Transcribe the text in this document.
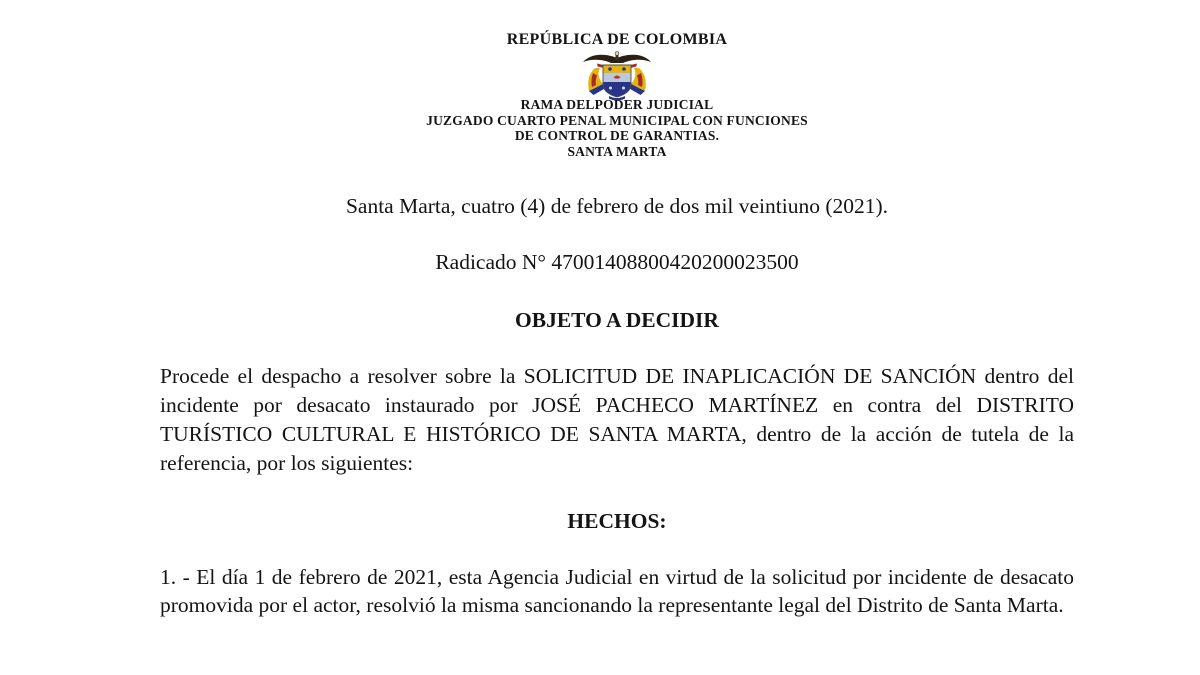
REPÚBLICA DE COLOMBIA
RAMA DELPODER JUDICIAL
JUZGADO CUARTO PENAL MUNICIPAL CON FUNCIONES
DE CONTROL DE GARANTIAS.
SANTA MARTA
Santa Marta, cuatro (4) de febrero de dos mil veintiuno (2021).
Radicado N° 47001408800420200023500
OBJETO A DECIDIR

Procede el despacho a resolver sobre la SOLICITUD DE INAPLICACIÓN DE SANCIÓN dentro del incidente por desacato instaurado por JOSÉ PACHECO MARTÍNEZ en contra del DISTRITO TURÍSTICO CULTURAL E HISTÓRICO DE SANTA MARTA, dentro de la acción de tutela de la referencia, por los siguientes:

HECHOS:

1. - El día 1 de febrero de 2021, esta Agencia Judicial en virtud de la solicitud por incidente de desacato promovida por el actor, resolvió la misma sancionando la representante legal del Distrito de Santa Marta.
